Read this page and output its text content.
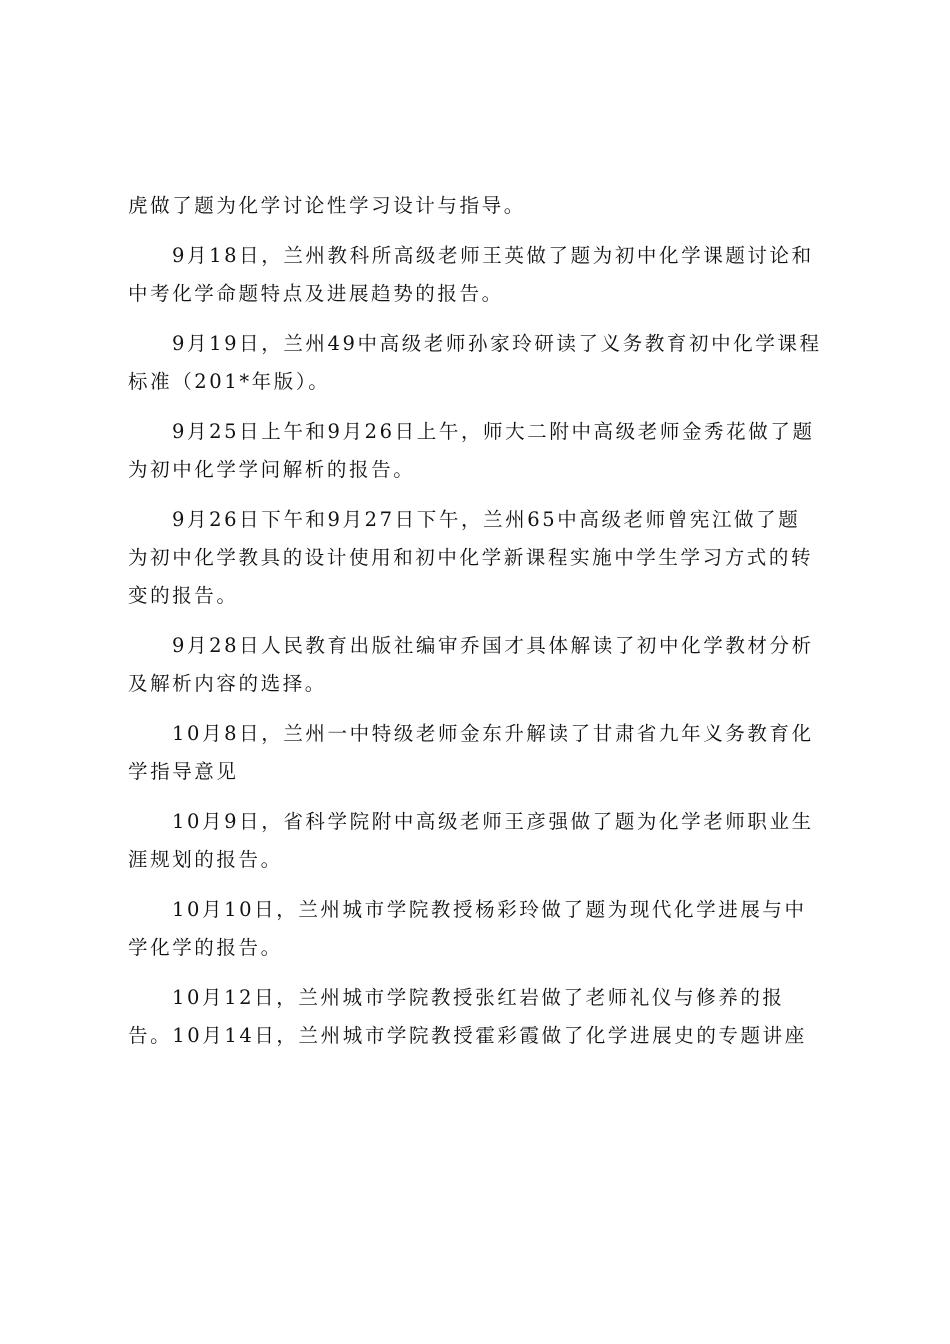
虎做了题为化学讨论性学习设计与指导。
9月18日，兰州教科所高级老师王英做了题为初中化学课题讨论和
中考化学命题特点及进展趋势的报告。
9月19日，兰州49中高级老师孙家玲研读了义务教育初中化学课程
标准（201*年版）。
9月25日上午和9月26日上午，师大二附中高级老师金秀花做了题
为初中化学学问解析的报告。
9月26日下午和9月27日下午，兰州65中高级老师曾宪江做了题
为初中化学教具的设计使用和初中化学新课程实施中学生学习方式的转
变的报告。
9月28日人民教育出版社编审乔国才具体解读了初中化学教材分析
及解析内容的选择。
10月8日，兰州一中特级老师金东升解读了甘肃省九年义务教育化
学指导意见
10月9日，省科学院附中高级老师王彦强做了题为化学老师职业生
涯规划的报告。
10月10日，兰州城市学院教授杨彩玲做了题为现代化学进展与中
学化学的报告。
10月12日，兰州城市学院教授张红岩做了老师礼仪与修养的报
告。10月14日，兰州城市学院教授霍彩霞做了化学进展史的专题讲座
